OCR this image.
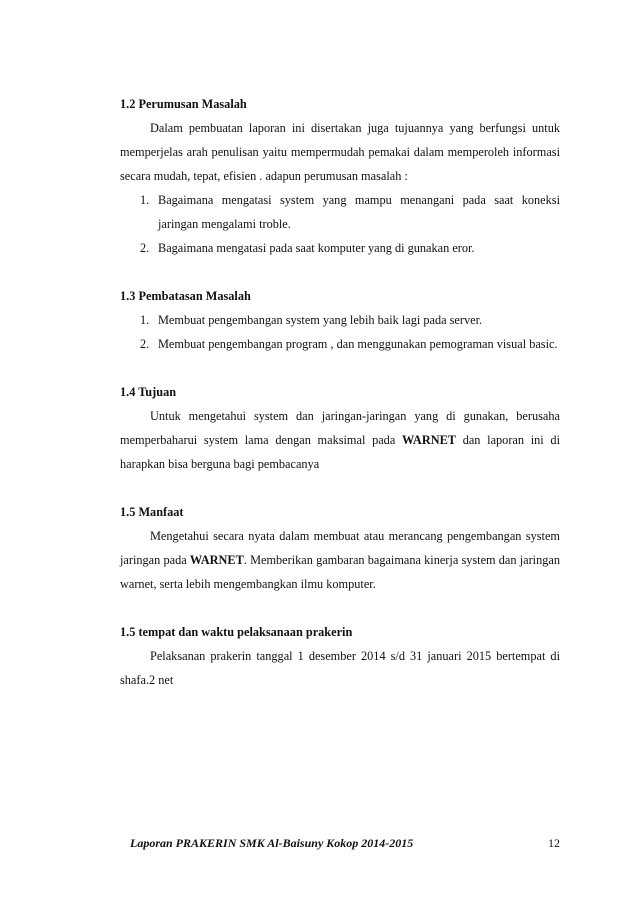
1.2 Perumusan Masalah

Dalam pembuatan laporan ini disertakan juga tujuannya yang berfungsi untuk memperjelas arah penulisan yaitu mempermudah pemakai dalam memperoleh informasi secara mudah, tepat, efisien . adapun perumusan masalah :

1. Bagaimana mengatasi system yang mampu menangani pada saat koneksi jaringan mengalami troble.
2. Bagaimana mengatasi pada saat komputer yang di gunakan eror.

1.3 Pembatasan Masalah

1. Membuat pengembangan system yang lebih baik lagi pada server.
2. Membuat pengembangan program , dan menggunakan pemograman visual basic.

1.4 Tujuan

Untuk mengetahui system dan jaringan-jaringan yang di gunakan, berusaha memperbaharui system lama dengan maksimal pada WARNET dan laporan ini di harapkan bisa berguna bagi pembacanya

1.5 Manfaat

Mengetahui secara nyata dalam membuat atau merancang pengembangan system jaringan pada WARNET. Memberikan gambaran bagaimana kinerja system dan jaringan warnet, serta lebih mengembangkan ilmu komputer.

1.5 tempat dan waktu pelaksanaan prakerin

Pelaksanan prakerin tanggal 1 desember 2014 s/d 31 januari 2015 bertempat di shafa.2 net

Laporan PRAKERIN SMK Al-Baisuny Kokop 2014-2015	12
